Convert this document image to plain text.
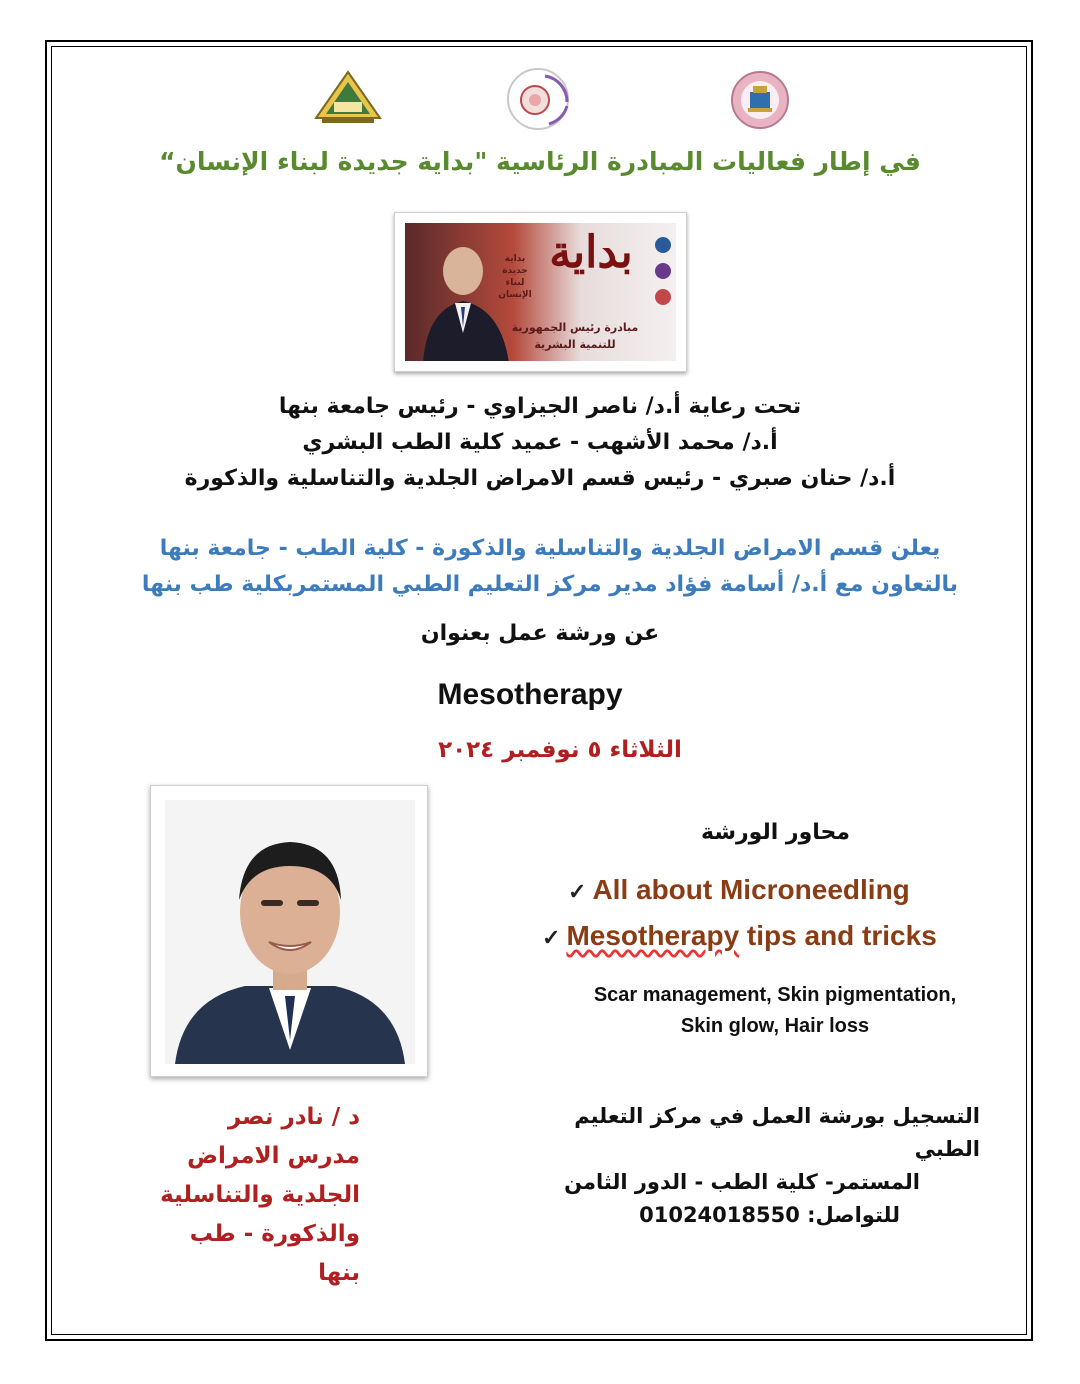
في إطار فعاليات المبادرة الرئاسية "بداية جديدة لبناء الإنسان“
بداية
بداية
جديدة
لبناء
الإنسان
مبادرة رئيس الجمهورية
للتنمية البشرية
تحت رعاية أ.د/ ناصر الجيزاوي - رئيس جامعة بنها
أ.د/ محمد الأشهب - عميد كلية الطب البشري
أ.د/ حنان صبري - رئيس قسم الامراض الجلدية والتناسلية والذكورة
يعلن قسم الامراض الجلدية والتناسلية والذكورة - كلية الطب - جامعة بنها
بالتعاون مع أ.د/ أسامة فؤاد مدير مركز التعليم الطبي المستمربكلية طب بنها
عن ورشة عمل بعنوان
Mesotherapy
الثلاثاء ٥ نوفمبر ٢٠٢٤
محاور الورشة
✓ All about Microneedling
✓ Mesotherapy tips and tricks
Scar management, Skin pigmentation,
Skin glow, Hair loss
د / نادر نصر
مدرس الامراض
الجلدية والتناسلية
والذكورة - طب بنها
التسجيل بورشة العمل في مركز التعليم الطبي
المستمر- كلية الطب - الدور الثامن
للتواصل: 01024018550
